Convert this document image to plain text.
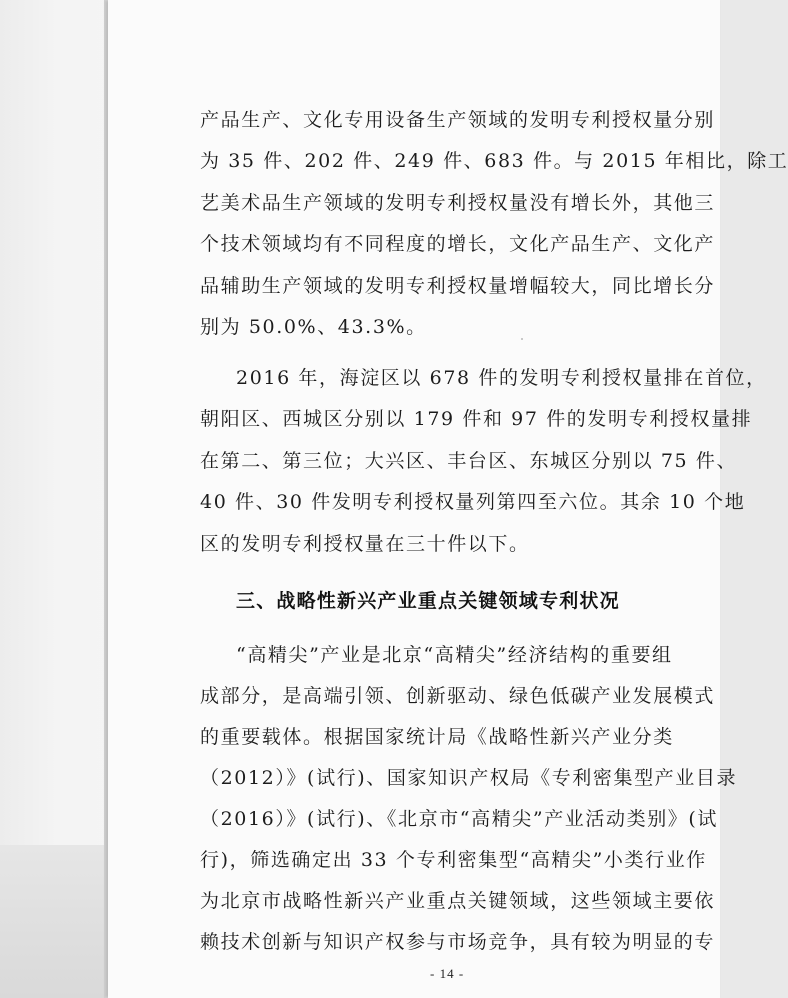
产品生产、文化专用设备生产领域的发明专利授权量分别
为 35 件、202 件、249 件、683 件。与 2015 年相比，除工
艺美术品生产领域的发明专利授权量没有增长外，其他三
个技术领域均有不同程度的增长，文化产品生产、文化产
品辅助生产领域的发明专利授权量增幅较大，同比增长分
别为 50.0%、43.3%。
2016 年，海淀区以 678 件的发明专利授权量排在首位，
朝阳区、西城区分别以 179 件和 97 件的发明专利授权量排
在第二、第三位；大兴区、丰台区、东城区分别以 75 件、
40 件、30 件发明专利授权量列第四至六位。其余 10 个地
区的发明专利授权量在三十件以下。
三、战略性新兴产业重点关键领域专利状况
“高精尖”产业是北京“高精尖”经济结构的重要组
成部分，是高端引领、创新驱动、绿色低碳产业发展模式
的重要载体。根据国家统计局《战略性新兴产业分类
（2012）》(试行)、国家知识产权局《专利密集型产业目录
（2016）》(试行)、《北京市“高精尖”产业活动类别》(试
行)，筛选确定出 33 个专利密集型“高精尖”小类行业作
为北京市战略性新兴产业重点关键领域，这些领域主要依
赖技术创新与知识产权参与市场竞争，具有较为明显的专
- 14 -
